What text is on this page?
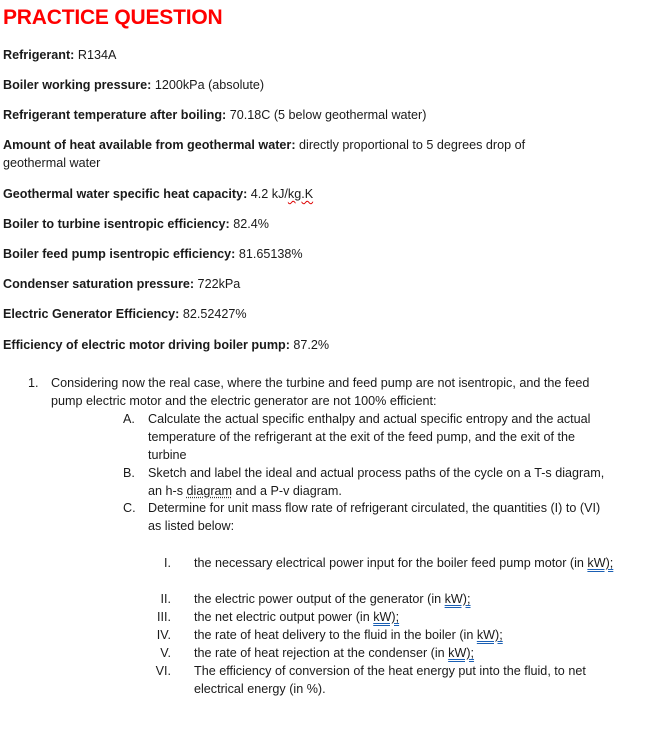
PRACTICE QUESTION

Refrigerant: R134A

Boiler working pressure: 1200kPa (absolute)

Refrigerant temperature after boiling: 70.18C (5 below geothermal water)

Amount of heat available from geothermal water: directly proportional to 5 degrees drop of geothermal water

Geothermal water specific heat capacity: 4.2 kJ/kg.K

Boiler to turbine isentropic efficiency: 82.4%

Boiler feed pump isentropic efficiency: 81.65138%

Condenser saturation pressure: 722kPa

Electric Generator Efficiency: 82.52427%

Efficiency of electric motor driving boiler pump: 87.2%

1. Considering now the real case, where the turbine and feed pump are not isentropic, and the feed pump electric motor and the electric generator are not 100% efficient:

A. Calculate the actual specific enthalpy and actual specific entropy and the actual temperature of the refrigerant at the exit of the feed pump, and the exit of the turbine
B. Sketch and label the ideal and actual process paths of the cycle on a T-s diagram, an h-s diagram and a P-v diagram.
C. Determine for unit mass flow rate of refrigerant circulated, the quantities (I) to (VI) as listed below:
I. the necessary electrical power input for the boiler feed pump motor (in kW);
II. the electric power output of the generator (in kW);
III. the net electric output power (in kW);
IV. the rate of heat delivery to the fluid in the boiler (in kW);
V. the rate of heat rejection at the condenser (in kW);
VI. The efficiency of conversion of the heat energy put into the fluid, to net electrical energy (in %).
